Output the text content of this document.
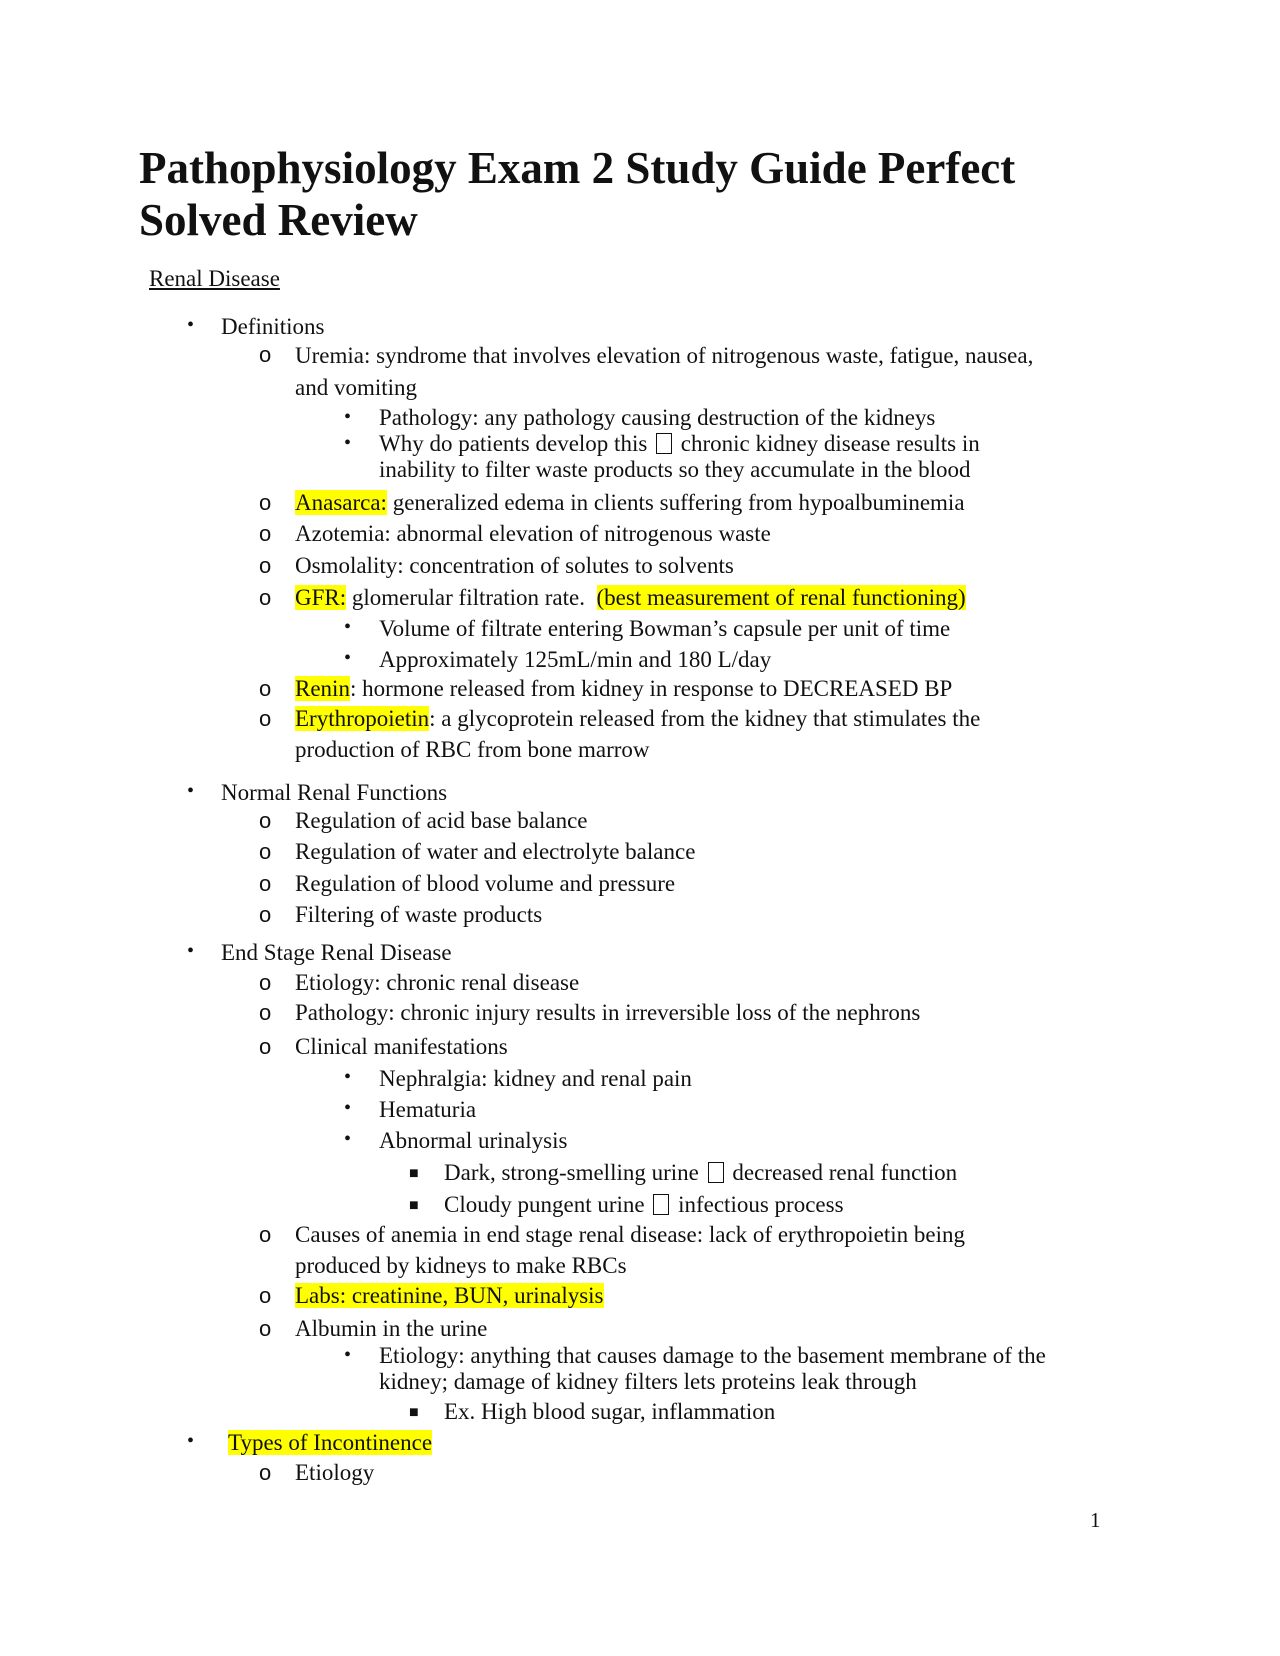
Pathophysiology Exam 2 Study Guide Perfect Solved Review
Renal Disease
• Definitions
o Uremia: syndrome that involves elevation of nitrogenous waste, fatigue, nausea,
and vomiting
• Pathology: any pathology causing destruction of the kidneys
• Why do patients develop this chronic kidney disease results in
inability to filter waste products so they accumulate in the blood
o Anasarca: generalized edema in clients suffering from hypoalbuminemia
o Azotemia: abnormal elevation of nitrogenous waste
o Osmolality: concentration of solutes to solvents
o GFR: glomerular filtration rate.  (best measurement of renal functioning)
• Volume of filtrate entering Bowman’s capsule per unit of time
• Approximately 125mL/min and 180 L/day
o Renin: hormone released from kidney in response to DECREASED BP
o Erythropoietin: a glycoprotein released from the kidney that stimulates the
production of RBC from bone marrow
• Normal Renal Functions
o Regulation of acid base balance
o Regulation of water and electrolyte balance
o Regulation of blood volume and pressure
o Filtering of waste products
• End Stage Renal Disease
o Etiology: chronic renal disease
o Pathology: chronic injury results in irreversible loss of the nephrons
o Clinical manifestations
• Nephralgia: kidney and renal pain
• Hematuria
• Abnormal urinalysis
■ Dark, strong-smelling urine decreased renal function
■ Cloudy pungent urine infectious process
o Causes of anemia in end stage renal disease: lack of erythropoietin being
produced by kidneys to make RBCs
o Labs: creatinine, BUN, urinalysis
o Albumin in the urine
• Etiology: anything that causes damage to the basement membrane of the
kidney; damage of kidney filters lets proteins leak through
■ Ex. High blood sugar, inflammation
• Types of Incontinence
o Etiology
1
